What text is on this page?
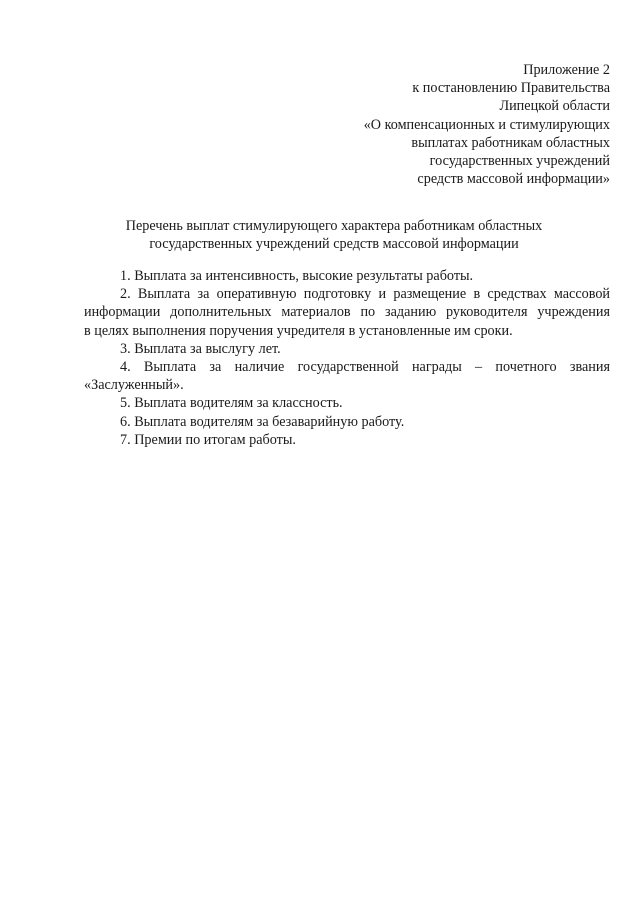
Приложение 2
к постановлению Правительства
Липецкой области
«О компенсационных и стимулирующих
выплатах работникам областных
государственных учреждений
средств массовой информации»
Перечень выплат стимулирующего характера работникам областных
государственных учреждений средств массовой информации
1. Выплата за интенсивность, высокие результаты работы.
2. Выплата за оперативную подготовку и размещение в средствах массовой
информации дополнительных материалов по заданию руководителя учреждения
в целях выполнения поручения учредителя в установленные им сроки.
3. Выплата за выслугу лет.
4. Выплата за наличие государственной награды – почетного звания
«Заслуженный».
5. Выплата водителям за классность.
6. Выплата водителям за безаварийную работу.
7. Премии по итогам работы.
